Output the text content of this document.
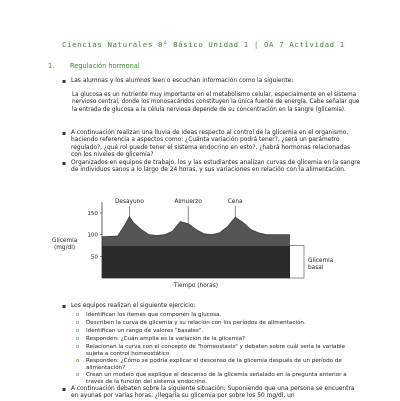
Ciencias Naturales 8° Básico Unidad 1 | OA 7 Actividad 1
1. Regulación hormonal
▪ Las alumnas y los alumnos leen o escuchan información como la siguiente:
La glucosa es un nutriente muy importante en el metabolismo celular, especialmente en el sistema nervioso central, donde los monosacáridos constituyen la única fuente de energía. Cabe señalar que la entrada de glucosa a la célula nerviosa depende de su concentración en la sangre (glicemia).
▪ A continuación realizan una lluvia de ideas respecto al control de la glicemia en el organismo, haciendo referencia a aspectos como: ¿Cuánta variación podrá tener?, ¿será un parámetro regulado?, ¿qué rol puede tener el sistema endocrino en esto?, ¿habrá hormonas relacionadas con los niveles de glicemia?
▪ Organizados en equipos de trabajo, los y las estudiantes analizan curvas de glicemia en la sangre de individuos sanos a lo largo de 24 horas, y sus variaciones en relación con la alimentación.
50
100
150
Glicemia (mg/dl)
Tiempo (horas)
Desayuno	Almuerzo	Cena
Glicemia basal
▪ Los equipos realizan el siguiente ejercicio:
o Identifican los ítemes que componen la glucosa.
o Describen la curva de glicemia y su relación con los períodos de alimentación.
o Identifican un rango de valores "basales".
o Responden: ¿Cuán amplia es la variación de la glicemia?
o Relacionan la curva con el concepto de "homeostasis" y debaten sobre cuál sería la variable sujeta a control homeostático.
o Responden: ¿Cómo se podría explicar el descenso de la glicemia después de un período de alimentación?
o Crean un modelo que explique el descenso de la glicemia señalado en la pregunta anterior a través de la función del sistema endocrino.
▪ A continuación debaten sobre la siguiente situación: Suponiendo que una persona se encuentra en ayunas por varias horas, ¿llegaría su glicemia por sobre los 50 mg/dl, un
